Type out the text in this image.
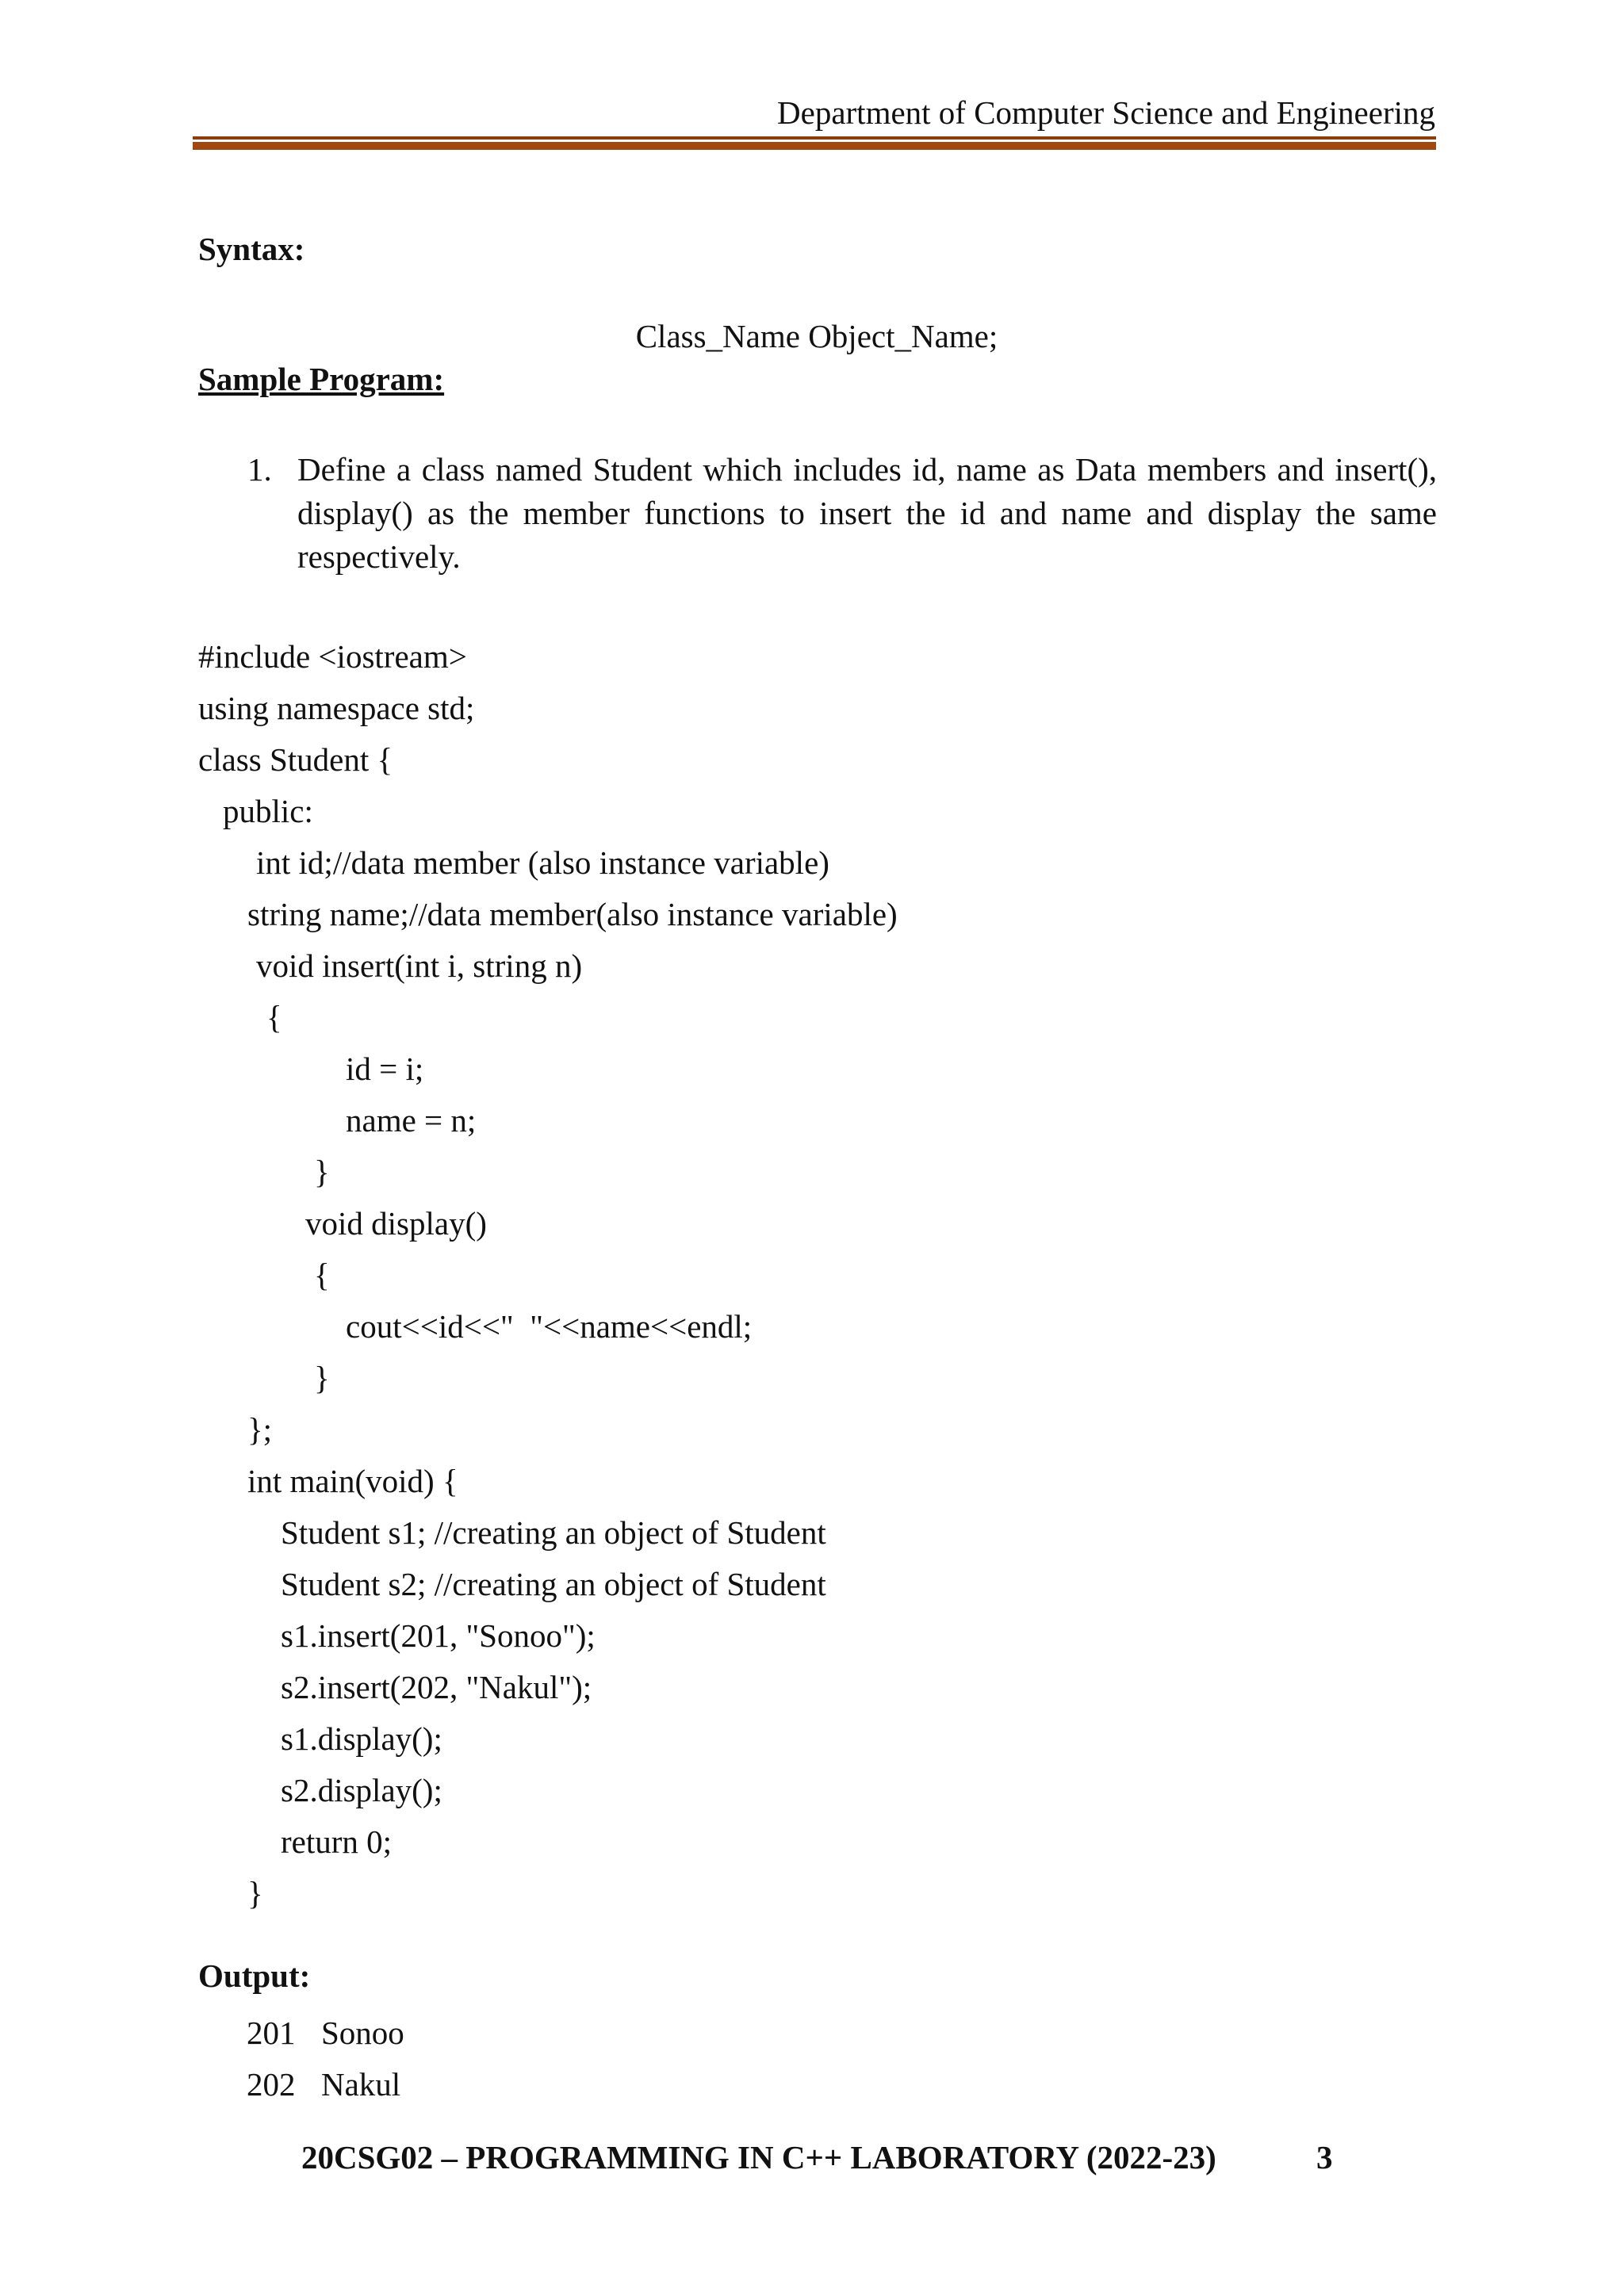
Department of Computer Science and Engineering
Syntax:
Class_Name Object_Name;
Sample Program:
1. Define a class named Student which includes id, name as Data members and insert(), display() as the member functions to insert the id and name and display the same respectively.
#include <iostream>
using namespace std;
class Student {
public:
int id;//data member (also instance variable)
string name;//data member(also instance variable)
void insert(int i, string n)
{
id = i;
name = n;
}
void display()
{
cout<<id<<"  "<<name<<endl;
}
};
int main(void) {
Student s1; //creating an object of Student
Student s2; //creating an object of Student
s1.insert(201, "Sonoo");
s2.insert(202, "Nakul");
s1.display();
s2.display();
return 0;
}
Output:
201 Sonoo
202 Nakul
20CSG02 – PROGRAMMING IN C++ LABORATORY (2022-23)	3
